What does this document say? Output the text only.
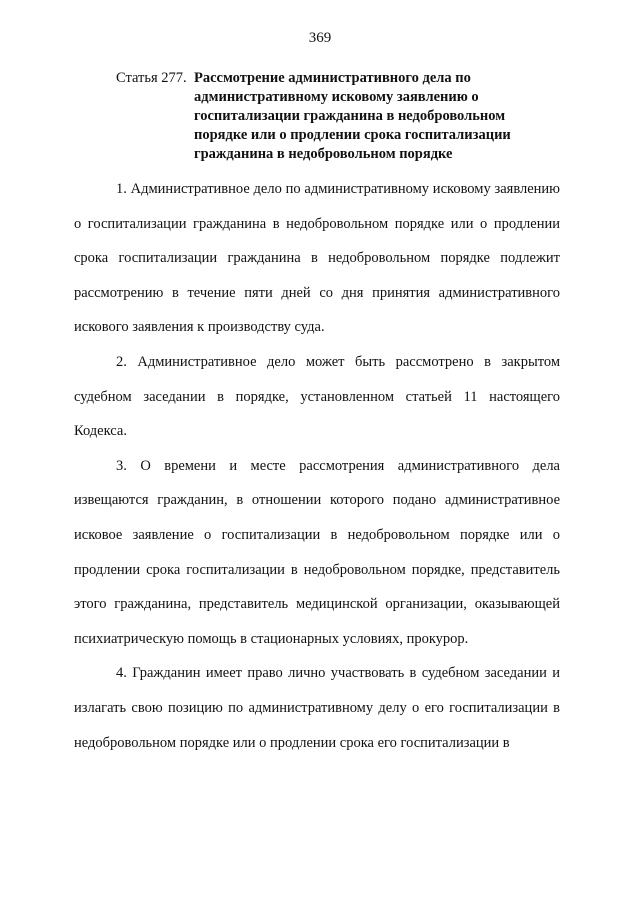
369
Статья 277. Рассмотрение административного дела по административному исковому заявлению о госпитализации гражданина в недобровольном порядке или о продлении срока госпитализации гражданина в недобровольном порядке

1. Административное дело по административному исковому заявлению о госпитализации гражданина в недобровольном порядке или о продлении срока госпитализации гражданина в недобровольном порядке подлежит рассмотрению в течение пяти дней со дня принятия административного искового заявления к производству суда.

2. Административное дело может быть рассмотрено в закрытом судебном заседании в порядке, установленном статьей 11 настоящего Кодекса.

3. О времени и месте рассмотрения административного дела извещаются гражданин, в отношении которого подано административное исковое заявление о госпитализации в недобровольном порядке или о продлении срока госпитализации в недобровольном порядке, представитель этого гражданина, представитель медицинской организации, оказывающей психиатрическую помощь в стационарных условиях, прокурор.

4. Гражданин имеет право лично участвовать в судебном заседании и излагать свою позицию по административному делу о его госпитализации в недобровольном порядке или о продлении срока его госпитализации в
